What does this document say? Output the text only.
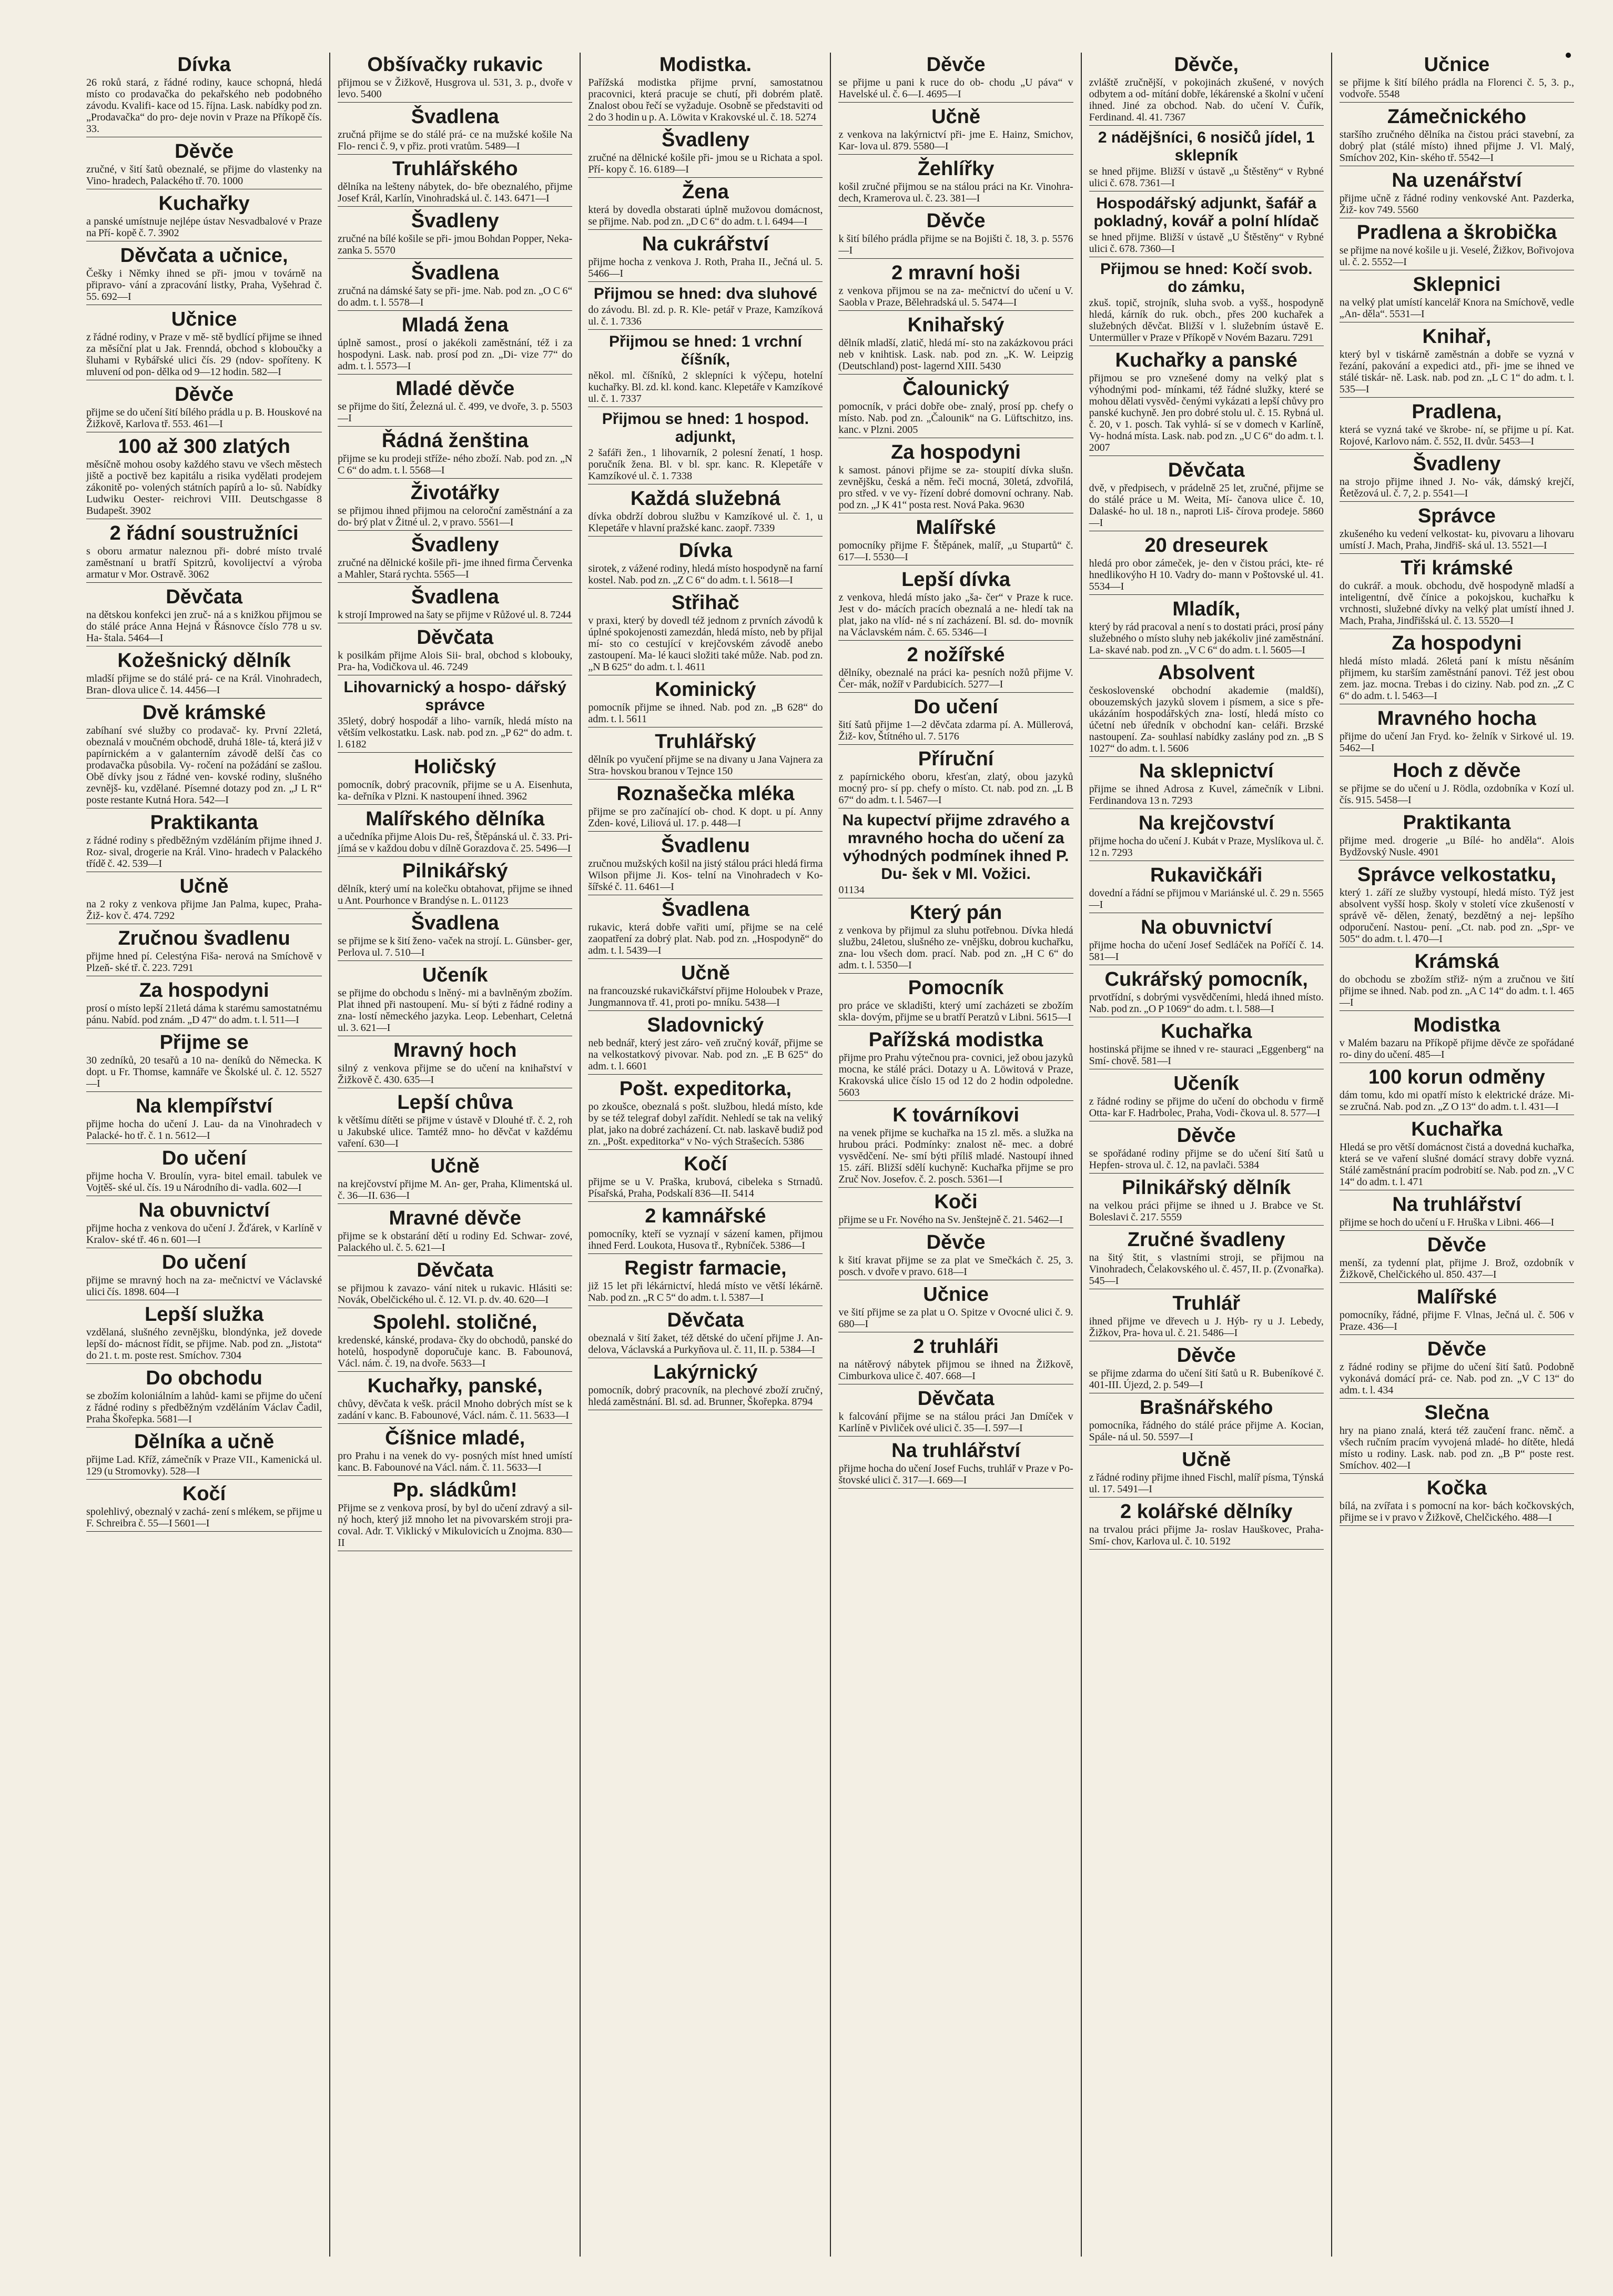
Dívka
26 roků stará, z řádné rodiny, kauce schopná, hledá místo co prodavačka do pekařského neb podobného závodu. Kvalifi- kace od 15. října. Lask. nabídky pod zn. „Prodavačka“ do pro- deje novin v Praze na Příkopě čís. 33.
Děvče
zručné, v šití šatů obeznalé, se přijme do vlastenky na Vino- hradech, Palackého tř. 70. 1000
Kuchařky
a panské umístnuje nejlépe ústav Nesvadbalové v Praze na Pří- kopě č. 7. 3902
Děvčata a učnice,
Češky i Němky ihned se při- jmou v továrně na připravo- vání a zpracování listky, Praha, Vyšehrad č. 55. 692—I
Učnice
z řádné rodiny, v Praze v mě- stě bydlící přijme se ihned za měsíční plat u Jak. Frenndá, obchod s kloboučky a šluhami v Rybářské ulici čís. 29 (ndov- spoříteny. K mluvení od pon- dělka od 9—12 hodin. 582—I
Děvče
přijme se do učení šití bílého prádla u p. B. Houskové na Žižkově, Karlova tř. 553. 461—I
100 až 300 zlatých
měsíčně mohou osoby každého stavu ve všech městech jiště a poctivě bez kapitálu a risika vydělati prodejem zákonitě po- volených státních papírů a lo- sů. Nabídky Ludwiku Oester- reichrovi VIII. Deutschgasse 8 Budapešt. 3902
2 řádní soustružníci
s oboru armatur naleznou při- dobré místo trvalé zaměstnaní u bratří Spitzrů, kovolijectví a výroba armatur v Mor. Ostravě. 3062
Děvčata
na dětskou konfekci jen zruč- ná a s knižkou přijmou se do stálé práce Anna Hejná v Řásnovce číslo 778 u sv. Ha- štala. 5464—I
Kožešnický dělník
mladší přijme se do stálé prá- ce na Král. Vinohradech, Bran- dlova ulice č. 14. 4456—I
Dvě krámské
zabíhaní své služby co prodavač- ky. První 22letá, obeznalá v moučném obchodě, druhá 18le- tá, která již v papírnickém a v galanterním závodě delší čas co prodavačka působila. Vy- ročení na požádání se zašlou. Obě dívky jsou z řádné ven- kovské rodiny, slušného zevnějš- ku, vzdělané. Písemné dotazy pod zn. „J L R“ poste restante Kutná Hora. 542—I
Praktikanta
z řádné rodiny s předběžným vzděláním přijme ihned J. Roz- sival, drogerie na Král. Vino- hradech v Palackého třídě č. 42. 539—I
Učně
na 2 roky z venkova přijme Jan Palma, kupec, Praha-Žiž- kov č. 474. 7292
Zručnou švadlenu
přijme hned pí. Celestýna Fiša- nerová na Smíchově v Plzeň- ské tř. č. 223. 7291
Za hospodyni
prosí o místo lepší 21letá dáma k starému samostatnému pánu. Nabíd. pod znám. „D 47“ do adm. t. l. 511—I
Přijme se
30 zedníků, 20 tesařů a 10 na- deníků do Německa. K dopt. u Fr. Thomse, kamnáře ve Školské ul. č. 12. 5527—I
Na klempířství
přijme hocha do učení J. Lau- da na Vinohradech v Palacké- ho tř. č. 1 n. 5612—I
Do učení
přijme hocha V. Broulín, vyra- bitel email. tabulek ve Vojtěš- ské ul. čís. 19 u Národního di- vadla. 602—I
Na obuvnictví
přijme hocha z venkova do učení J. Žďárek, v Karlíně v Kralov- ské tř. 46 n. 601—I
Do učení
přijme se mravný hoch na za- mečnictví ve Václavské ulici čís. 1898. 604—I
Lepší služka
vzdělaná, slušného zevnějšku, blondýnka, jež dovede lepší do- mácnost řídit, se přijme. Nab. pod zn. „Jistota“ do 21. t. m. poste rest. Smíchov. 7304
Do obchodu
se zbožím koloniálním a lahůd- kami se přijme do učení z řádné rodiny s předběžným vzděláním Václav Čadil, Praha Škořepka. 5681—I
Dělníka a učně
přijme Lad. Kříž, zámečník v Praze VII., Kamenická ul. 129 (u Stromovky). 528—I
Kočí
spolehlivý, obeznalý v zachá- zení s mlékem, se přijme u F. Schreibra č. 55—I 5601—I
Obšívačky rukavic
přijmou se v Žižkově, Husgrova ul. 531, 3. p., dvoře v levo. 5400
Švadlena
zručná přijme se do stálé prá- ce na mužské košile Na Flo- renci č. 9, v přiz. proti vratům. 5489—I
Truhlářského
dělníka na lešteny nábytek, do- bře obeznalého, přijme Josef Král, Karlín, Vinohradská ul. č. 143. 6471—I
Švadleny
zručné na bílé košile se při- jmou Bohdan Popper, Neka- zanka 5. 5570
Švadlena
zručná na dámské šaty se při- jme. Nab. pod zn. „O C 6“ do adm. t. l. 5578—I
Mladá žena
úplně samost., prosí o jakékoli zaměstnání, též i za hospodyni. Lask. nab. prosí pod zn. „Di- vize 77“ do adm. t. l. 5573—I
Mladé děvče
se přijme do šití, Železná ul. č. 499, ve dvoře, 3. p. 5503—I
Řádná ženština
přijme se ku prodeji stříže- ného zboží. Nab. pod zn. „N C 6“ do adm. t. l. 5568—I
Životářky
se přijmou ihned přijmou na celoroční zaměstnání a za do- brý plat v Žitné ul. 2, v pravo. 5561—I
Švadleny
zručné na dělnické košile při- jme ihned firma Červenka a Mahler, Stará rychta. 5565—I
Švadlena
k strojí Improwed na šaty se přijme v Růžové ul. 8. 7244
Děvčata
k posilkám přijme Alois Sii- bral, obchod s klobouky, Pra- ha, Vodičkova ul. 46. 7249
Lihovarnický a hospo- dářský správce
35letý, dobrý hospodář a liho- varník, hledá místo na větším velkostatku. Lask. nab. pod zn. „P 62“ do adm. t. l. 6182
Holičský
pomocník, dobrý pracovník, přijme se u A. Eisenhuta, ka- deřníka v Plzni. K nastoupení ihned. 3962
Malířského dělníka
a učedníka přijme Alois Du- reš, Štěpánská ul. č. 33. Pri- jímá se v každou dobu v dílně Gorazdova č. 25. 5496—I
Pilnikářský
dělník, který umí na kolečku obtahovat, přijme se ihned u Ant. Pourhonce v Brandýse n. L. 01123
Švadlena
se přijme se k šití ženo- vaček na strojí. L. Günsber- ger, Perlova ul. 7. 510—I
Učeník
se přijme do obchodu s lněný- mi a bavlněným zbožím. Plat ihned při nastoupení. Mu- sí býti z řádné rodiny a zna- lostí německého jazyka. Leop. Lebenhart, Celetná ul. 3. 621—I
Mravný hoch
silný z venkova přijme se do učení na knihařství v Žižkově č. 430. 635—I
Lepší chůva
k většímu dítěti se přijme v ústavě v Dlouhé tř. č. 2, roh u Jakubské ulice. Tamtéž mno- ho děvčat v každému vaření. 630—I
Učně
na krejčovství přijme M. An- ger, Praha, Klimentská ul. č. 36—II. 636—I
Mravné děvče
přijme se k obstarání dětí u rodiny Ed. Schwar- zové, Palackého ul. č. 5. 621—I
Děvčata
se přijmou k zavazo- vání nitek u rukavic. Hlásiti se: Novák, Obelčického ul. č. 12. VI. p. dv. 40. 620—I
Spolehl. stoličné,
kredenské, kánské, prodava- čky do obchodů, panské do hotelů, hospodyně doporučuje kanc. B. Fabounová, Václ. nám. č. 19, na dvoře. 5633—I
Kuchařky, panské,
chůvy, děvčata k vešk. prácil Mnoho dobrých míst se k zadání v kanc. B. Fabounové, Václ. nám. č. 11. 5633—I
Číšnice mladé,
pro Prahu i na venek do vy- posných míst hned umístí kanc. B. Fabounové na Václ. nám. č. 11. 5633—I
Pp. sládkům!
Přijme se z venkova prosí, by byl do učení zdravý a sil- ný hoch, který již mnoho let na pivovarském stroji pra- coval. Adr. T. Viklický v Mikulovicích u Znojma. 830—II
Modistka.
Pařížská modistka přijme první, samostatnou pracovnici, která pracuje se chutí, při dobrém platě. Znalost obou řečí se vyžaduje. Osobně se představiti od 2 do 3 hodin u p. A. Löwita v Krakovské ul. č. 18. 5274
Švadleny
zručné na dělnické košile při- jmou se u Richata a spol. Pří- kopy č. 16. 6189—I
Žena
která by dovedla obstarati úplně mužovou domácnost, se přijme. Nab. pod zn. „D C 6“ do adm. t. l. 6494—I
Na cukrářství
přijme hocha z venkova J. Roth, Praha II., Ječná ul. 5. 5466—I
Přijmou se hned: dva sluhové
do závodu. Bl. zd. p. R. Kle- petář v Praze, Kamzíková ul. č. 1. 7336
Přijmou se hned: 1 vrchní číšník,
někol. ml. číšníků, 2 sklepníci k výčepu, hotelní kuchařky. Bl. zd. kl. kond. kanc. Klepetáře v Kamzíkové ul. č. 1. 7337
Přijmou se hned: 1 hospod. adjunkt,
2 šafáři žen., 1 lihovarník, 2 polesní ženatí, 1 hosp. poručník žena. Bl. v bl. spr. kanc. R. Klepetáře v Kamzíkové ul. č. 1. 7338
Každá služebná
dívka obdrží dobrou službu v Kamzíkové ul. č. 1, u Klepetáře v hlavní pražské kanc. zaopř. 7339
Dívka
sirotek, z vážené rodiny, hledá místo hospodyně na farní kostel. Nab. pod zn. „Z C 6“ do adm. t. l. 5618—I
Střihač
v praxi, který by dovedl též jednom z prvních závodů k úplné spokojenosti zamezdán, hledá místo, neb by přijal mí- sto co cestující v krejčovském závodě anebo zastoupení. Ma- lé kauci složiti také může. Nab. pod zn. „N B 625“ do adm. t. l. 4611
Kominický
pomocník přijme se ihned. Nab. pod zn. „B 628“ do adm. t. l. 5611
Truhlářský
dělník po vyučení přijme se na divany u Jana Vajnera za Stra- hovskou branou v Tejnce 150
Roznašečka mléka
přijme se pro začínající ob- chod. K dopt. u pí. Anny Zden- kové, Liliová ul. 17. p. 448—I
Švadlenu
zručnou mužských košil na jistý stálou práci hledá firma Wilson přijme Ji. Kos- telní na Vinohradech v Ko- šířské č. 11. 6461—I
Švadlena
rukavic, která dobře vařiti umí, přijme se na celé zaopatření za dobrý plat. Nab. pod zn. „Hospodyně“ do adm. t. l. 5439—I
Učně
na francouzské rukavičkářství přijme Holoubek v Praze, Jungmannova tř. 41, proti po- mníku. 5438—I
Sladovnický
neb bednář, který jest záro- veň zručný kovář, přijme se na velkostatkový pivovar. Nab. pod zn. „E B 625“ do adm. t. l. 6601
Pošt. expeditorka,
po zkoušce, obeznalá s pošt. službou, hledá místo, kde by se též telegraf dobyl zařídit. Nehledí se tak na veliký plat, jako na dobré zacházení. Ct. nab. laskavě budiž pod zn. „Pošt. expeditorka“ v No- vých Strašecích. 5386
Kočí
přijme se u V. Praška, krubová, cibeleka s Strnadů. Písařská, Praha, Podskalí 836—II. 5414
2 kamnářské
pomocníky, kteří se vyznají v sázení kamen, přijmou ihned Ferd. Loukota, Husova tř., Rybníček. 5386—I
Registr farmacie,
již 15 let při lékárnictví, hledá místo ve větší lékárně. Nab. pod zn. „R C 5“ do adm. t. l. 5387—I
Děvčata
obeznalá v šití žaket, též dětské do učení přijme J. An- delova, Václavská a Purkyňova ul. č. 11, II. p. 5384—I
Lakýrnický
pomocník, dobrý pracovník, na plechové zboží zručný, hledá zaměstnání. Bl. sd. ad. Brunner, Škořepka. 8794
Děvče
se přijme u pani k ruce do ob- chodu „U páva“ v Havelské ul. č. 6—I. 4695—I
Učně
z venkova na lakýrnictví při- jme E. Hainz, Smichov, Kar- lova ul. 879. 5580—I
Žehlířky
košil zručné přijmou se na stálou práci na Kr. Vinohra- dech, Kramerova ul. č. 23. 381—I
Děvče
k šití bílého prádla přijme se na Bojišti č. 18, 3. p. 5576—I
2 mravní hoši
z venkova přijmou se na za- mečnictví do učení u V. Saobla v Praze, Bělehradská ul. 5. 5474—I
Knihařský
dělník mladší, zlatič, hledá mí- sto na zakázkovou práci neb v knihtisk. Lask. nab. pod zn. „K. W. Leipzig (Deutschland) post- lagernd XIII. 5430
Čalounický
pomocník, v práci dobře obe- znalý, prosí pp. chefy o místo. Nab. pod zn. „Čalounik“ na G. Lüftschitzo, ins. kanc. v Plzni. 2005
Za hospodyni
k samost. pánovi přijme se za- stoupití dívka slušn. zevnějšku, česká a něm. řeči mocná, 30letá, zdvořilá, pro střed. v ve vy- řízení dobré domovní ochrany. Nab. pod zn. „J K 41“ posta rest. Nová Paka. 9630
Malířské
pomocníky přijme F. Štěpánek, malíř, „u Stupartů“ č. 617—I. 5530—I
Lepší dívka
z venkova, hledá místo jako „ša- čer“ v Praze k ruce. Jest v do- mácích pracích obeznalá a ne- hledí tak na plat, jako na vlíd- né s ní zacházení. Bl. sd. do- movník na Václavském nám. č. 65. 5346—I
2 nožířské
dělníky, obeznalé na práci ka- pesních nožů přijme V. Čer- mák, nožíř v Pardubicích. 5277—I
Do učení
šití šatů přijme 1—2 děvčata zdarma pí. A. Müllerová, Žiž- kov, Štítného ul. 7. 5176
Příruční
z papírnického oboru, křesťan, zlatý, obou jazyků mocný pro- sí pp. chefy o místo. Ct. nab. pod zn. „L B 67“ do adm. t. l. 5467—I
Na kupectví přijme zdravého a mravného hocha do učení za výhodných podmínek ihned P. Du- šek v Ml. Vožici.
01134
Který pán
z venkova by přijmul za sluhu potřebnou. Dívka hledá službu, 24letou, slušného ze- vnějšku, dobrou kuchařku, zna- lou všech dom. prací. Nab. pod zn. „H C 6“ do adm. t. l. 5350—I
Pomocník
pro práce ve skladišti, který umí zacházeti se zbožím skla- dovým, přijme se u bratří Peratzů v Libni. 5615—I
Pařížská modistka
přijme pro Prahu výtečnou pra- covnici, jež obou jazyků mocna, ke stálé práci. Dotazy u A. Löwitová v Praze, Krakovská ulice číslo 15 od 12 do 2 hodin odpoledne. 5603
K továrníkovi
na venek přijme se kuchařka na 15 zl. měs. a služka na hrubou práci. Podmínky: znalost ně- mec. a dobré vysvědčení. Ne- smí býti příliš mladé. Nastoupí ihned 15. září. Bližší sdělí kuchyně: Kuchařka přijme se pro Zruč Nov. Josefov. č. 2. posch. 5361—I
Koči
přijme se u Fr. Nového na Sv. Jenštejně č. 21. 5462—I
Děvče
k šití kravat přijme se za plat ve Smečkách č. 25, 3. posch. v dvoře v pravo. 618—I
Učnice
ve šití přijme se za plat u O. Spitze v Ovocné ulici č. 9. 680—I
2 truhláři
na nátěrový nábytek přijmou se ihned na Žižkově, Cimburkova ulice č. 407. 668—I
Děvčata
k falcování přijme se na stálou práci Jan Dmíček v Karlíně v Pivliček ové ulici č. 35—I. 597—I
Na truhlářství
přijme hocha do učení Josef Fuchs, truhlář v Praze v Po- štovské ulici č. 317—I. 669—I
Děvče,
zvláště zručnější, v pokojinách zkušené, v nových odbytem a od- mítání dobře, lékárenské a školní v učení ihned. Jiné za obchod. Nab. do učení V. Čuřík, Ferdinand. 4l. 41. 7367
2 nádějšníci, 6 nosičů jídel, 1 sklepník
se hned přijme. Bližší v ústavě „u Štěstěny“ v Rybné ulici č. 678. 7361—I
Hospodářský adjunkt, šafář a pokladný, kovář a polní hlídač
se hned přijme. Bližší v ústavě „U Štěstěny“ v Rybné ulici č. 678. 7360—I
Přijmou se hned: Kočí svob. do zámku,
zkuš. topič, strojník, sluha svob. a vyšš., hospodyně hledá, kárník do ruk. obch., přes 200 kuchařek a služebných děvčat. Bližší v l. služebním ústavě E. Untermüller v Praze v Příkopě v Novém Bazaru. 7291
Kuchařky a panské
přijmou se pro vznešené domy na velký plat s výhodnými pod- mínkami, též řádné služky, které se mohou dělati vysvěd- čenými vykázati a lepší chůvy pro panské kuchyně. Jen pro dobré stolu ul. č. 15. Rybná ul. č. 20, v 1. posch. Tak vyhlá- sí se v domech v Karlíně, Vy- hodná místa. Lask. nab. pod zn. „U C 6“ do adm. t. l. 2007
Děvčata
dvě, v předpisech, v prádelně 25 let, zručné, přijme se do stálé práce u M. Weita, Mí- čanova ulice č. 10, Dalaské- ho ul. 18 n., naproti Liš- čírova prodeje. 5860—I
20 dreseurek
hledá pro obor zámeček, je- den v čistou práci, kte- ré hnedlikovýho H 10. Vadry do- mann v Poštovské ul. 41. 5534—I
Mladík,
který by rád pracoval a není s to dostati práci, prosí pány služebného o místo sluhy neb jakékoliv jiné zaměstnání. La- skavé nab. pod zn. „V C 6“ do adm. t. l. 5605—I
Absolvent
československé obchodní akademie (maldší), obouzemských jazyků slovem i písmem, a sice s pře- ukázáním hospodářských zna- lostí, hledá místo co účetní neb úředník v obchodní kan- celáři. Brzské nastoupení. Za- souhlasí nabídky zaslány pod zn. „B S 1027“ do adm. t. l. 5606
Na sklepnictví
přijme se ihned Adrosa z Kuvel, zámečník v Libni. Ferdinandova 13 n. 7293
Na krejčovství
přijme hocha do učení J. Kubát v Praze, Myslíkova ul. č. 12 n. 7293
Rukavičkáři
dovední a řádní se přijmou v Mariánské ul. č. 29 n. 5565—I
Na obuvnictví
přijme hocha do učení Josef Sedláček na Poříčí č. 14. 581—I
Cukrářský pomocník,
prvotřídní, s dobrými vysvědčeními, hledá ihned místo. Nab. pod zn. „O P 1069“ do adm. t. l. 588—I
Kuchařka
hostinská přijme se ihned v re- stauraci „Eggenberg“ na Smí- chově. 581—I
Učeník
z řádné rodiny se přijme do učení do obchodu v firmě Otta- kar F. Hadrbolec, Praha, Vodi- čkova ul. 8. 577—I
Děvče
se spořádané rodiny přijme se do učení šití šatů u Hepfen- strova ul. č. 12, na pavlači. 5384
Pilnikářský dělník
na velkou práci přijme se ihned u J. Brabce ve St. Boleslavi č. 217. 5559
Zručné švadleny
na šitý štit, s vlastními stroji, se přijmou na Vinohradech, Čelakovského ul. č. 457, II. p. (Zvonařka). 545—I
Truhlář
ihned přijme ve dřevech u J. Hýb- ry u J. Lebedy, Žižkov, Pra- hova ul. č. 21. 5486—I
Děvče
se přijme zdarma do učení šití šatů u R. Bubeníkové č. 401-III. Újezd, 2. p. 549—I
Brašnářského
pomocníka, řádného do stálé práce přijme A. Kocian, Spále- ná ul. 50. 5597—I
Učně
z řádné rodiny přijme ihned Fischl, malíř písma, Týnská ul. 17. 5491—I
2 kolářské dělníky
na trvalou práci přijme Ja- roslav Hauškovec, Praha-Smí- chov, Karlova ul. č. 10. 5192
Učnice
se přijme k šití bílého prádla na Florenci č. 5, 3. p., vodvoře. 5548
Zámečnického
staršího zručného dělníka na čistou práci stavební, za dobrý plat (stálé místo) ihned přijme J. Vl. Malý, Smíchov 202, Kin- ského tř. 5542—I
Na uzenářství
přijme učně z řádné rodiny venkovské Ant. Pazderka, Žiž- kov 749. 5560
Pradlena a škrobička
se přijme na nové košile u ji. Veselé, Žižkov, Bořivojova ul. č. 2. 5552—I
Sklepnici
na velký plat umístí kancelář Knora na Smíchově, vedle „An- děla“. 5531—I
Knihař,
který byl v tiskárně zaměstnán a dobře se vyzná v řezání, pakování a expedici atd., při- jme se ihned ve stálé tiskár- ně. Lask. nab. pod zn. „L C 1“ do adm. t. l. 535—I
Pradlena,
která se vyzná také ve škrobe- ní, se přijme u pí. Kat. Rojové, Karlovo nám. č. 552, II. dvůr. 5453—I
Švadleny
na strojo přijme ihned J. No- vák, dámský krejčí, Řetězová ul. č. 7, 2. p. 5541—I
Správce
zkušeného ku vedení velkostat- ku, pivovaru a lihovaru umístí J. Mach, Praha, Jindřiš- ská ul. 13. 5521—I
Tři krámské
do cukrář. a mouk. obchodu, dvě hospodyně mladší a inteligentní, dvě čínice a pokojskou, kuchařku k vrchnosti, služebné dívky na velký plat umístí ihned J. Mach, Praha, Jindřišská ul. č. 13. 5520—I
Za hospodyni
hledá místo mladá. 26letá paní k místu něsáním přijmem, ku starším zaměstnání panovi. Též jest obou zem. jaz. mocna. Trebas i do ciziny. Nab. pod zn. „Z C 6“ do adm. t. l. 5463—I
Mravného hocha
přijme do učení Jan Fryd. ko- želník v Sirkové ul. 19. 5462—I
Hoch z děvče
se přijme se do učení u J. Rödla, ozdobníka v Kozí ul. čís. 915. 5458—I
Praktikanta
přijme med. drogerie „u Bílé- ho anděla“. Alois Bydžovský Nusle. 4901
Správce velkostatku,
který 1. září ze služby vystoupí, hledá místo. Týž jest absolvent vyšší hosp. školy v století více zkušeností v správě vě- dělen, ženatý, bezdětný a nej- lepšího odporučení. Nastou- pení. „Ct. nab. pod zn. „Spr- ve 505“ do adm. t. l. 470—I
Krámská
do obchodu se zbožím střiž- ným a zručnou ve šití přijme se ihned. Nab. pod zn. „A C 14“ do adm. t. l. 465—I
Modistka
v Malém bazaru na Příkopě přijme děvče ze spořádané ro- diny do učení. 485—I
100 korun odměny
dám tomu, kdo mi opatří místo k elektrické dráze. Mi- se zručná. Nab. pod zn. „Z O 13“ do adm. t. l. 431—I
Kuchařka
Hledá se pro větší domácnost čistá a dovedná kuchařka, která se ve vaření slušné domácí stravy dobře vyzná. Stálé zaměstnání pracím podrobití se. Nab. pod zn. „V C 14“ do adm. t. l. 471
Na truhlářství
přijme se hoch do učení u F. Hruška v Libni. 466—I
Děvče
menší, za tydenní plat, přijme J. Brož, ozdobník v Žižkově, Chelčického ul. 850. 437—I
Malířské
pomocníky, řádné, přijme F. Vlnas, Ječná ul. č. 506 v Praze. 436—I
Děvče
z řádné rodiny se přijme do učení šití šatů. Podobně vykonává domácí prá- ce. Nab. pod zn. „V C 13“ do adm. t. l. 434
Slečna
hry na piano znalá, která též zaučení franc. němč. a všech ručním pracím vyvojená mladé- ho dítěte, hledá místo u rodiny. Lask. nab. pod zn. „B P“ poste rest. Smíchov. 402—I
Kočka
bílá, na zvířata i s pomocní na kor- bách kočkovských, přijme se i v pravo v Žižkově, Chelčického. 488—I
